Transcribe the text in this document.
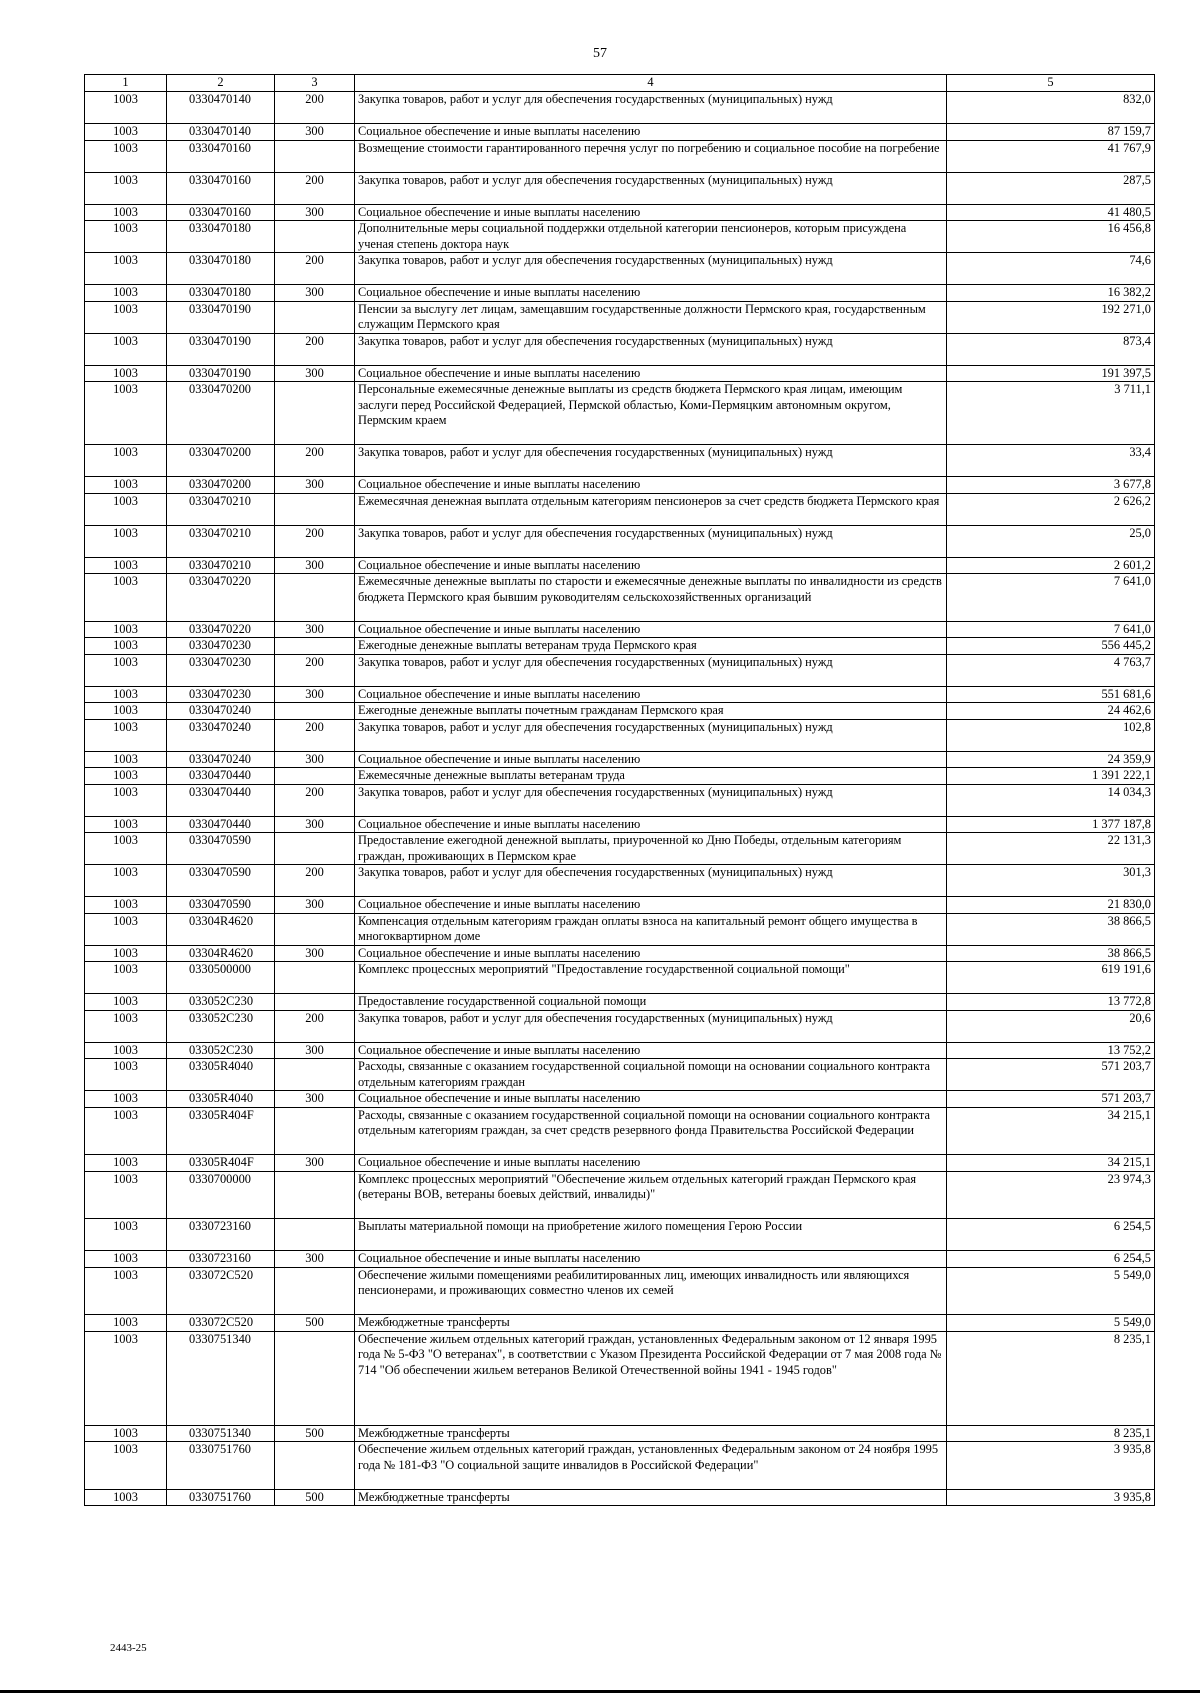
57
1	2	3	4	5
1003	0330470140	200	Закупка товаров, работ и услуг для обеспечения государственных (муниципальных) нужд	832,0
1003	0330470140	300	Социальное обеспечение и иные выплаты населению	87 159,7
1003	0330470160		Возмещение стоимости гарантированного перечня услуг по погребению и социальное пособие на погребение	41 767,9
1003	0330470160	200	Закупка товаров, работ и услуг для обеспечения государственных (муниципальных) нужд	287,5
1003	0330470160	300	Социальное обеспечение и иные выплаты населению	41 480,5
1003	0330470180		Дополнительные меры социальной поддержки отдельной категории пенсионеров, которым присуждена ученая степень доктора наук	16 456,8
1003	0330470180	200	Закупка товаров, работ и услуг для обеспечения государственных (муниципальных) нужд	74,6
1003	0330470180	300	Социальное обеспечение и иные выплаты населению	16 382,2
1003	0330470190		Пенсии за выслугу лет лицам, замещавшим государственные должности Пермского края, государственным служащим Пермского края	192 271,0
1003	0330470190	200	Закупка товаров, работ и услуг для обеспечения государственных (муниципальных) нужд	873,4
1003	0330470190	300	Социальное обеспечение и иные выплаты населению	191 397,5
1003	0330470200		Персональные ежемесячные денежные выплаты из средств бюджета Пермского края лицам, имеющим заслуги перед Российской Федерацией, Пермской областью, Коми-Пермяцким автономным округом, Пермским краем	3 711,1
1003	0330470200	200	Закупка товаров, работ и услуг для обеспечения государственных (муниципальных) нужд	33,4
1003	0330470200	300	Социальное обеспечение и иные выплаты населению	3 677,8
1003	0330470210		Ежемесячная денежная выплата отдельным категориям пенсионеров за счет средств бюджета Пермского края	2 626,2
1003	0330470210	200	Закупка товаров, работ и услуг для обеспечения государственных (муниципальных) нужд	25,0
1003	0330470210	300	Социальное обеспечение и иные выплаты населению	2 601,2
1003	0330470220		Ежемесячные денежные выплаты по старости и ежемесячные денежные выплаты по инвалидности из средств бюджета Пермского края бывшим руководителям сельскохозяйственных организаций	7 641,0
1003	0330470220	300	Социальное обеспечение и иные выплаты населению	7 641,0
1003	0330470230		Ежегодные денежные выплаты ветеранам труда Пермского края	556 445,2
1003	0330470230	200	Закупка товаров, работ и услуг для обеспечения государственных (муниципальных) нужд	4 763,7
1003	0330470230	300	Социальное обеспечение и иные выплаты населению	551 681,6
1003	0330470240		Ежегодные денежные выплаты почетным гражданам Пермского края	24 462,6
1003	0330470240	200	Закупка товаров, работ и услуг для обеспечения государственных (муниципальных) нужд	102,8
1003	0330470240	300	Социальное обеспечение и иные выплаты населению	24 359,9
1003	0330470440		Ежемесячные денежные выплаты ветеранам труда	1 391 222,1
1003	0330470440	200	Закупка товаров, работ и услуг для обеспечения государственных (муниципальных) нужд	14 034,3
1003	0330470440	300	Социальное обеспечение и иные выплаты населению	1 377 187,8
1003	0330470590		Предоставление ежегодной денежной выплаты, приуроченной ко Дню Победы, отдельным категориям граждан, проживающих в Пермском крае	22 131,3
1003	0330470590	200	Закупка товаров, работ и услуг для обеспечения государственных (муниципальных) нужд	301,3
1003	0330470590	300	Социальное обеспечение и иные выплаты населению	21 830,0
1003	03304R4620		Компенсация отдельным категориям граждан оплаты взноса на капитальный ремонт общего имущества в многоквартирном доме	38 866,5
1003	03304R4620	300	Социальное обеспечение и иные выплаты населению	38 866,5
1003	0330500000		Комплекс процессных мероприятий "Предоставление государственной социальной помощи"	619 191,6
1003	033052С230		Предоставление государственной социальной помощи	13 772,8
1003	033052С230	200	Закупка товаров, работ и услуг для обеспечения государственных (муниципальных) нужд	20,6
1003	033052С230	300	Социальное обеспечение и иные выплаты населению	13 752,2
1003	03305R4040		Расходы, связанные с оказанием государственной социальной помощи на основании социального контракта отдельным категориям граждан	571 203,7
1003	03305R4040	300	Социальное обеспечение и иные выплаты населению	571 203,7
1003	03305R404F		Расходы, связанные с оказанием государственной социальной помощи на основании социального контракта отдельным категориям граждан, за счет средств резервного фонда Правительства Российской Федерации	34 215,1
1003	03305R404F	300	Социальное обеспечение и иные выплаты населению	34 215,1
1003	0330700000		Комплекс процессных мероприятий "Обеспечение жильем отдельных категорий граждан Пермского края (ветераны ВОВ, ветераны боевых действий, инвалиды)"	23 974,3
1003	0330723160		Выплаты материальной помощи на приобретение жилого помещения Герою России	6 254,5
1003	0330723160	300	Социальное обеспечение и иные выплаты населению	6 254,5
1003	033072С520		Обеспечение жилыми помещениями реабилитированных лиц, имеющих инвалидность или являющихся пенсионерами, и проживающих совместно членов их семей	5 549,0
1003	033072С520	500	Межбюджетные трансферты	5 549,0
1003	0330751340		Обеспечение жильем отдельных категорий граждан, установленных Федеральным законом от 12 января 1995 года № 5-ФЗ "О ветеранах", в соответствии с Указом Президента Российской Федерации от 7 мая 2008 года № 714 "Об обеспечении жильем ветеранов Великой Отечественной войны 1941 - 1945 годов"	8 235,1
1003	0330751340	500	Межбюджетные трансферты	8 235,1
1003	0330751760		Обеспечение жильем отдельных категорий граждан, установленных Федеральным законом от 24 ноября 1995 года № 181-ФЗ "О социальной защите инвалидов в Российской Федерации"	3 935,8
1003	0330751760	500	Межбюджетные трансферты	3 935,8
2443-25
